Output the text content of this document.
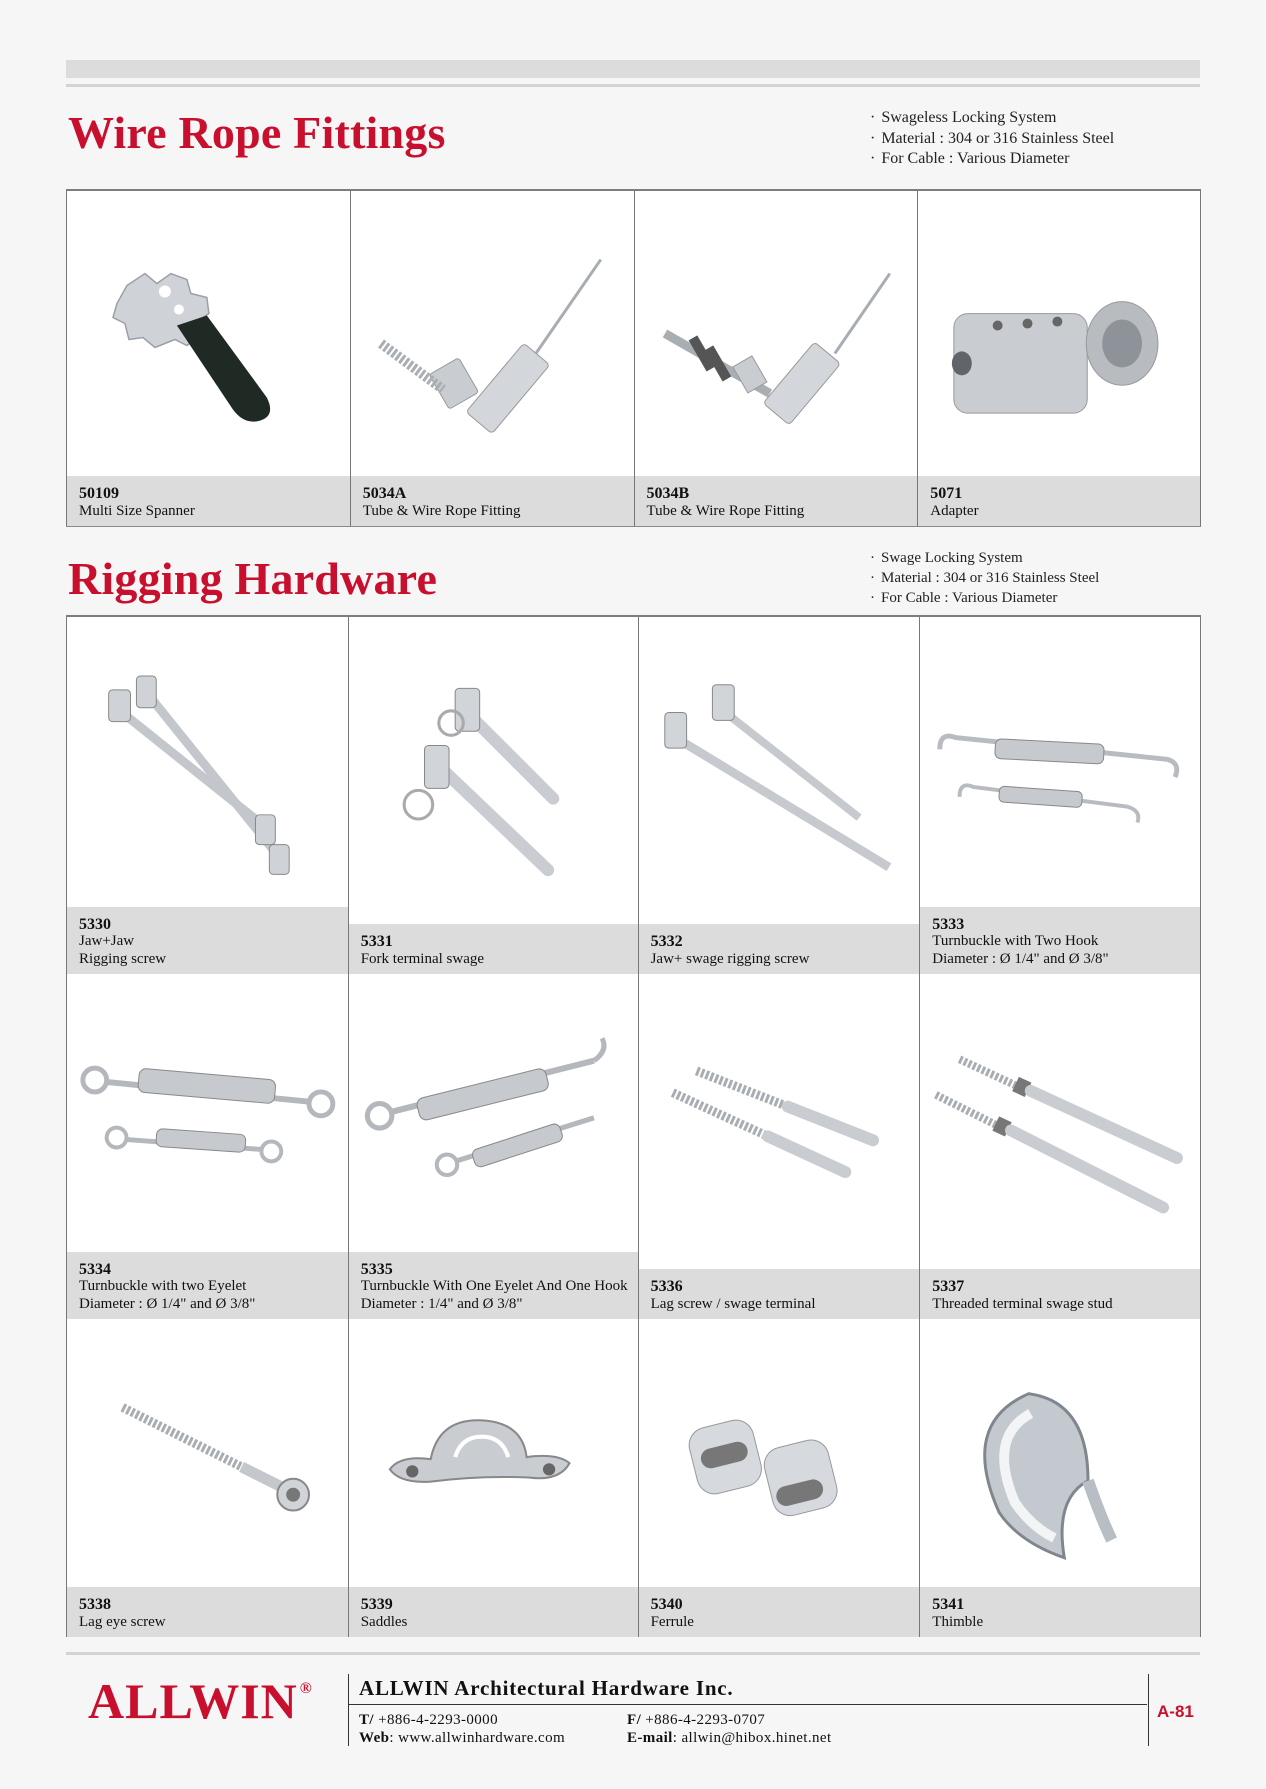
Wire Rope Fittings	· Swageless Locking System
· Material : 304 or 316 Stainless Steel
· For Cable : Various Diameter
50109
Multi Size Spanner
5034A
Tube & Wire Rope Fitting
5034B
Tube & Wire Rope Fitting
5071
Adapter
Rigging Hardware	· Swage Locking System
· Material : 304 or 316 Stainless Steel
· For Cable : Various Diameter
5330
Jaw+Jaw
Rigging screw
5331
Fork terminal swage
5332
Jaw+ swage rigging screw
5333
Turnbuckle with Two Hook
Diameter : Ø 1/4" and Ø 3/8"
5334
Turnbuckle with two Eyelet
Diameter : Ø 1/4" and Ø 3/8"
5335
Turnbuckle With One Eyelet And One Hook
Diameter : 1/4" and Ø 3/8"
5336
Lag screw / swage terminal
5337
Threaded terminal swage stud
5338
Lag eye screw
5339
Saddles
5340
Ferrule
5341
Thimble
ALLWIN ® ALLWIN Architectural Hardware Inc.
T/ +886-4-2293-0000	F/ +886-4-2293-0707
Web: www.allwinhardware.com	E-mail: allwin@hibox.hinet.net
A-81
